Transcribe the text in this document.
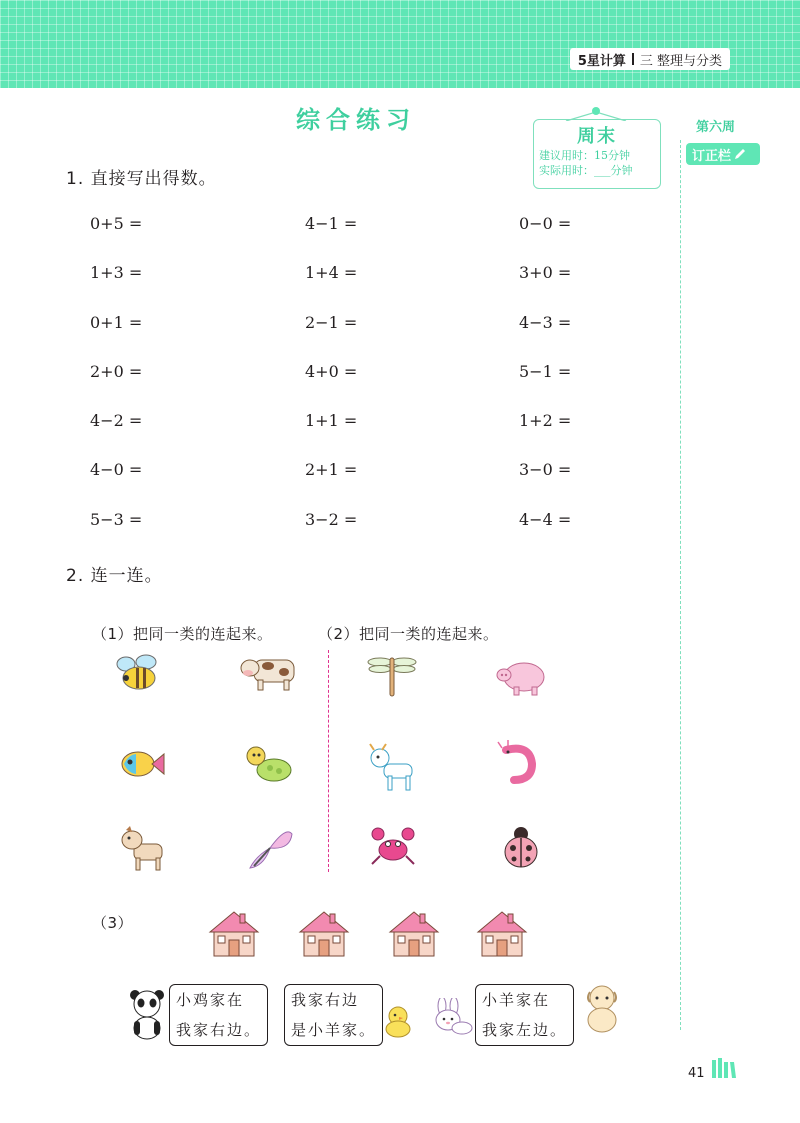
5星计算 三 整理与分类
综合练习
周末
建议用时：15分钟
实际用时：___分钟
第六周
订正栏
1. 直接写出得数。
0+5 =
1+3 =
0+1 =
2+0 =
4−2 =
4−0 =
5−3 =
4−1 =
1+4 =
2−1 =
4+0 =
1+1 =
2+1 =
3−2 =
0−0 =
3+0 =
4−3 =
5−1 =
1+2 =
3−0 =
4−4 =
2. 连一连。
（1）把同一类的连起来。	（2）把同一类的连起来。
（3）
小鸡家在
我家右边。
我家右边
是小羊家。
小羊家在
我家左边。
41
